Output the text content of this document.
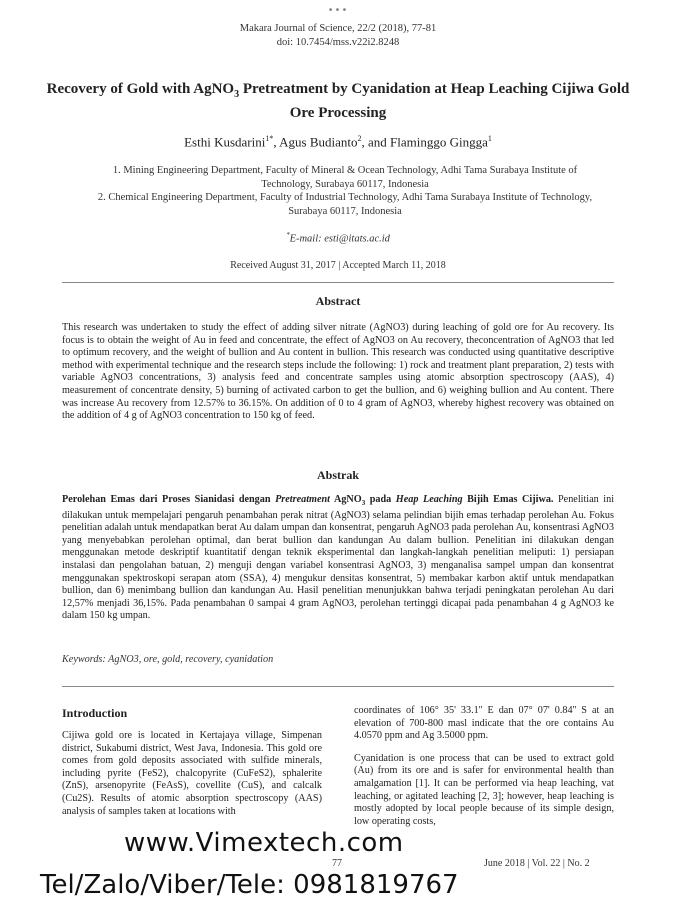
•••
Makara Journal of Science, 22/2 (2018), 77-81
doi: 10.7454/mss.v22i2.8248
Recovery of Gold with AgNO$_3$ Pretreatment by Cyanidation at Heap Leaching Cijiwa Gold Ore Processing
Esthi Kusdarini$^{1*}$, Agus Budianto$^2$, and Flaminggo Gingga$^1$

1. Mining Engineering Department, Faculty of Mineral & Ocean Technology, Adhi Tama Surabaya Institute of Technology, Surabaya 60117, Indonesia

2. Chemical Engineering Department, Faculty of Industrial Technology, Adhi Tama Surabaya Institute of Technology, Surabaya 60117, Indonesia

*E-mail: esti@itats.ac.id
Received August 31, 2017 | Accepted March 11, 2018
Abstract
This research was undertaken to study the effect of adding silver nitrate (AgNO3) during leaching of gold ore for Au recovery. Its focus is to obtain the weight of Au in feed and concentrate, the effect of AgNO3 on Au recovery, theconcentration of AgNO3 that led to optimum recovery, and the weight of bullion and Au content in bullion. This research was conducted using quantitative descriptive method with experimental technique and the research steps include the following: 1) rock and treatment plant preparation, 2) tests with variable AgNO3 concentrations, 3) analysis feed and concentrate samples using atomic absorption spectroscopy (AAS), 4) measurement of concentrate density, 5) burning of activated carbon to get the bullion, and 6) weighing bullion and Au content. There was increase Au recovery from 12.57% to 36.15%. On addition of 0 to 4 gram of AgNO3, whereby highest recovery was obtained on the addition of 4 g of AgNO3 concentration to 150 kg of feed.
Abstrak
Perolehan Emas dari Proses Sianidasi dengan Pretreatment AgNO$_3$ pada Heap Leaching Bijih Emas Cijiwa. Penelitian ini dilakukan untuk mempelajari pengaruh penambahan perak nitrat (AgNO3) selama pelindian bijih emas terhadap perolehan Au. Fokus penelitian adalah untuk mendapatkan berat Au dalam umpan dan konsentrat, pengaruh AgNO3 pada perolehan Au, konsentrasi AgNO3 yang menyebabkan perolehan optimal, dan berat bullion dan kandungan Au dalam bullion. Penelitian ini dilakukan dengan menggunakan metode deskriptif kuantitatif dengan teknik eksperimental dan langkah-langkah penelitian meliputi: 1) persiapan instalasi dan pengolahan batuan, 2) menguji dengan variabel konsentrasi AgNO3, 3) menganalisa sampel umpan dan konsentrat menggunakan spektroskopi serapan atom (SSA), 4) mengukur densitas konsentrat, 5) membakar karbon aktif untuk mendapatkan bullion, dan 6) menimbang bullion dan kandungan Au. Hasil penelitian menunjukkan bahwa terjadi peningkatan perolehan Au dari 12,57% menjadi 36,15%. Pada penambahan 0 sampai 4 gram AgNO3, perolehan tertinggi dicapai pada penambahan 4 g AgNO3 ke dalam 150 kg umpan.
Keywords: AgNO3, ore, gold, recovery, cyanidation
Introduction

Cijiwa gold ore is located in Kertajaya village, Simpenan district, Sukabumi district, West Java, Indonesia. This gold ore comes from gold deposits associated with sulfide minerals, including pyrite (FeS2), chalcopyrite (CuFeS2), sphalerite (ZnS), arsenopyrite (FeAsS), covellite (CuS), and calcalk (Cu2S). Results of atomic absorption spectroscopy (AAS) analysis of samples taken at locations with

coordinates of 106° 35' 33.1'' E dan 07° 07' 0.84'' S at an elevation of 700-800 masl indicate that the ore contains Au 4.0570 ppm and Ag 3.5000 ppm.

Cyanidation is one process that can be used to extract gold (Au) from its ore and is safer for environmental health than amalgamation [1]. It can be performed via heap leaching, vat leaching, or agitated leaching [2, 3]; however, heap leaching is mostly adopted by local people because of its simple design, low operating costs,

77	June 2018 | Vol. 22 | No. 2
www.Vimextech.com
Tel/Zalo/Viber/Tele: 0981819767
